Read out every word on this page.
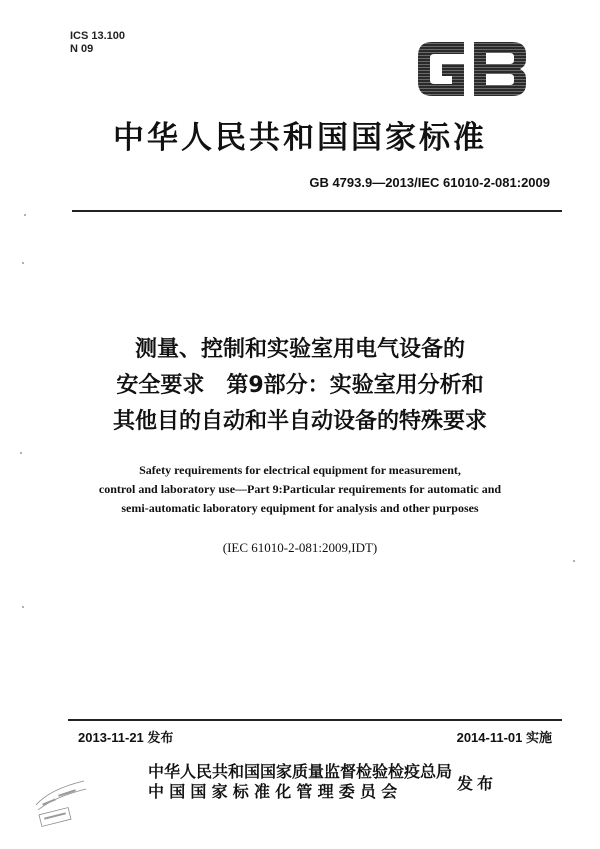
ICS 13.100
N 09
中华人民共和国国家标准
GB 4793.9—2013/IEC 61010-2-081:2009
测量、控制和实验室用电气设备的
安全要求　第9部分：实验室用分析和
其他目的自动和半自动设备的特殊要求
Safety requirements for electrical equipment for measurement,
control and laboratory use—Part 9:Particular requirements for automatic and
semi-automatic laboratory equipment for analysis and other purposes
(IEC 61010-2-081:2009,IDT)
2013-11-21 发布	2014-11-01 实施
中华人民共和国国家质量监督检验检疫总局
中国国家标准化管理委员会	发布
